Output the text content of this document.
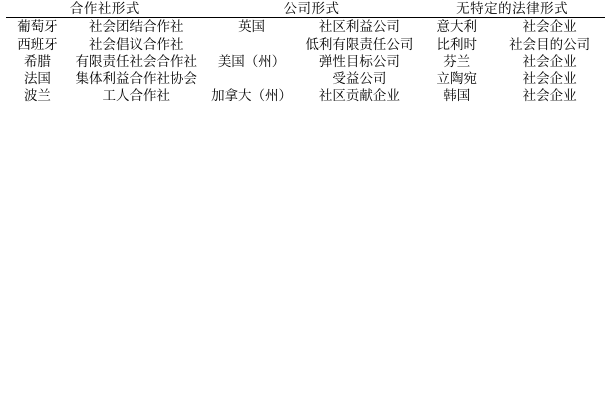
合作社形式		公司形式		无特定的法律形式	

葡萄牙	社会团结合作社	英国	社区利益公司	意大利	社会企业
西班牙	社会倡议合作社		低利有限责任公司	比利时	社会目的公司
希腊	有限责任社会合作社	美国（州）	弹性目标公司	芬兰	社会企业
法国	集体利益合作社协会		受益公司	立陶宛	社会企业
波兰	工人合作社	加拿大（州）	社区贡献企业	韩国	社会企业
